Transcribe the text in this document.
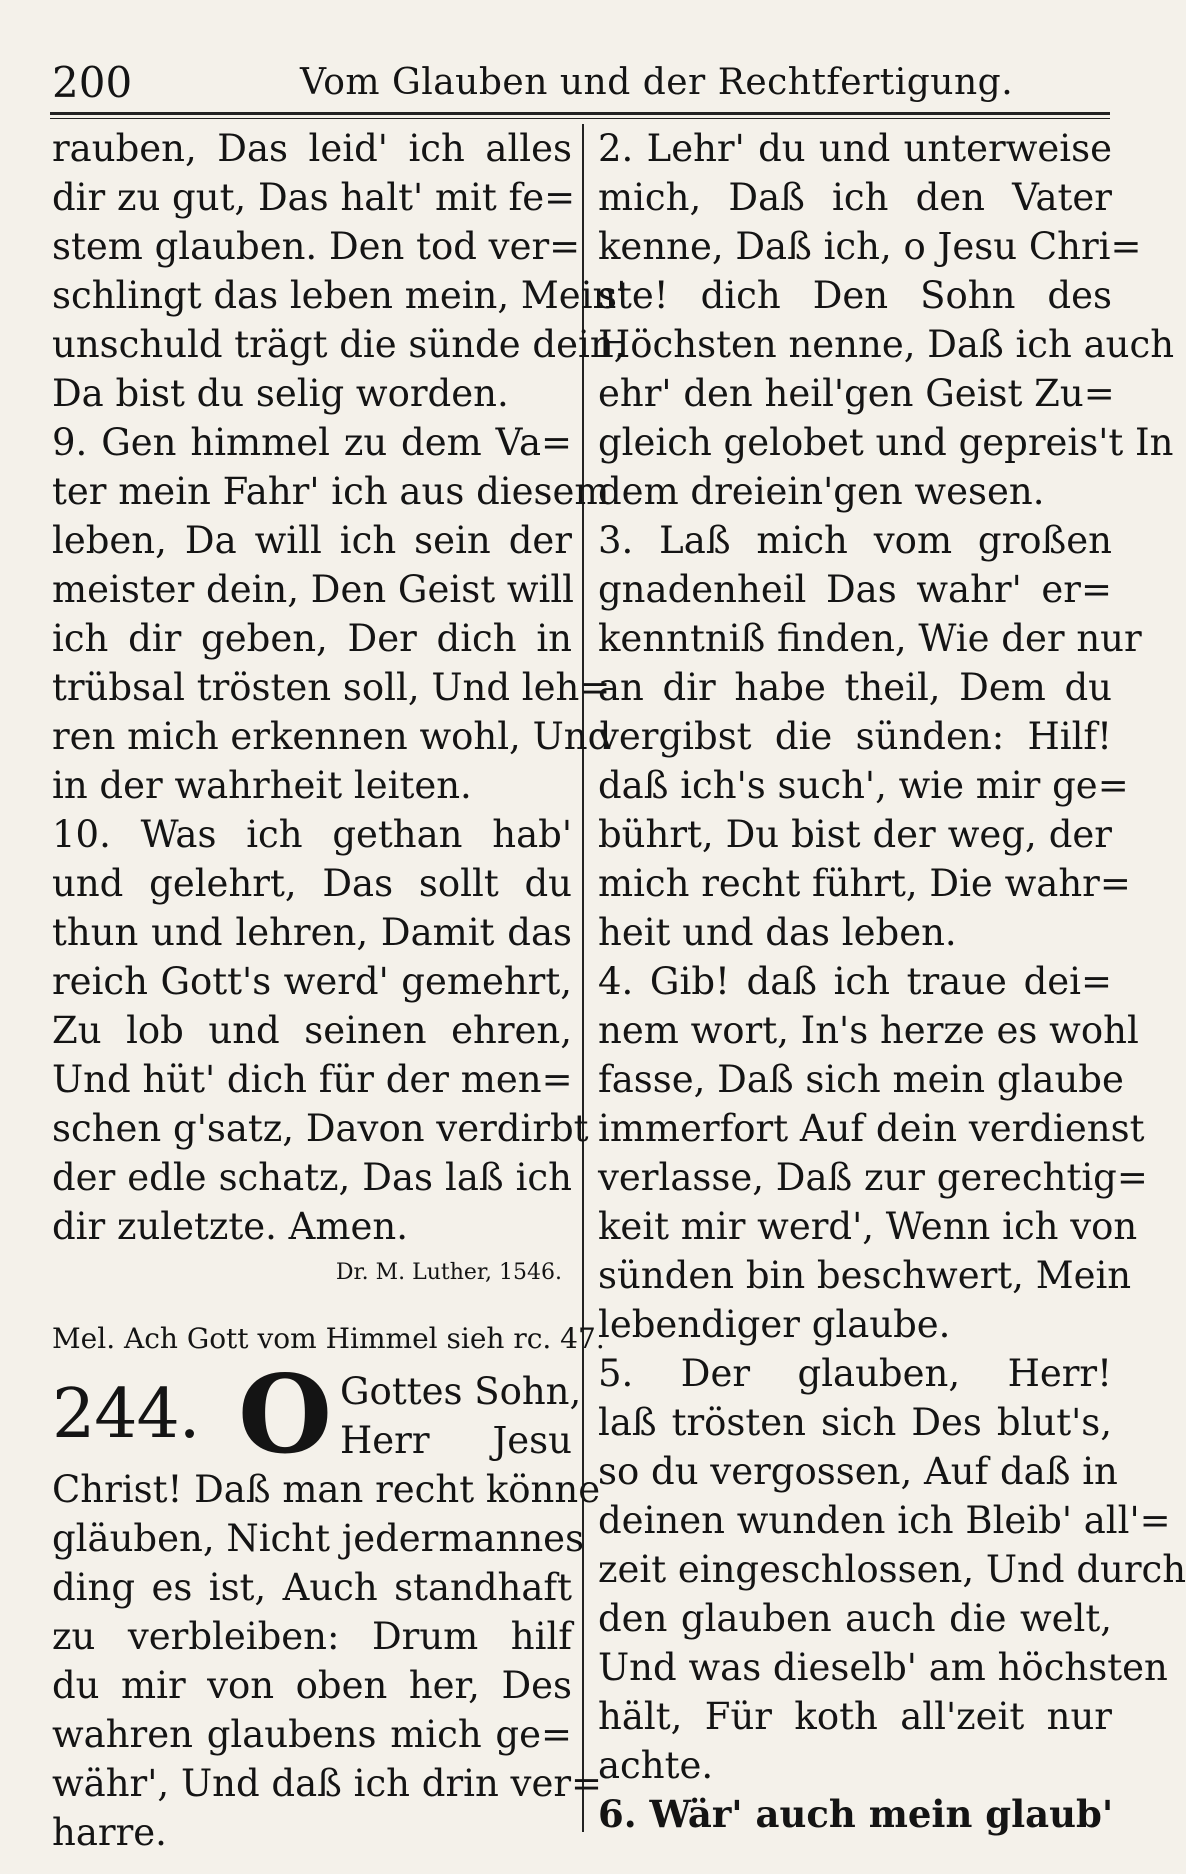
200	Vom Glauben und der Rechtfertigung.
rauben, Das leid' ich alles
dir zu gut, Das halt' mit fe=
stem glauben. Den tod ver=
schlingt das leben mein, Mein'
unschuld trägt die sünde dein,
Da bist du selig worden.
9. Gen himmel zu dem Va=
ter mein Fahr' ich aus diesem
leben, Da will ich sein der
meister dein, Den Geist will
ich dir geben, Der dich in
trübsal trösten soll, Und leh=
ren mich erkennen wohl, Und
in der wahrheit leiten.
10. Was ich gethan hab'
und gelehrt, Das sollt du
thun und lehren, Damit das
reich Gott's werd' gemehrt,
Zu lob und seinen ehren,
Und hüt' dich für der men=
schen g'satz, Davon verdirbt
der edle schatz, Das laß ich
dir zuletzte. Amen.
Dr. M. Luther, 1546.
Mel. Ach Gott vom Himmel sieh rc. 47.
244. O Gottes Sohn,
Herr Jesu
Christ! Daß man recht könne
gläuben, Nicht jedermannes
ding es ist, Auch standhaft
zu verbleiben: Drum hilf
du mir von oben her, Des
wahren glaubens mich ge=
währ', Und daß ich drin ver=
harre.
2. Lehr' du und unterweise
mich, Daß ich den Vater
kenne, Daß ich, o Jesu Chri=
ste! dich Den Sohn des
Höchsten nenne, Daß ich auch
ehr' den heil'gen Geist Zu=
gleich gelobet und gepreis't In
dem dreiein'gen wesen.
3. Laß mich vom großen
gnadenheil Das wahr' er=
kenntniß finden, Wie der nur
an dir habe theil, Dem du
vergibst die sünden: Hilf!
daß ich's such', wie mir ge=
bührt, Du bist der weg, der
mich recht führt, Die wahr=
heit und das leben.
4. Gib! daß ich traue dei=
nem wort, In's herze es wohl
fasse, Daß sich mein glaube
immerfort Auf dein verdienst
verlasse, Daß zur gerechtig=
keit mir werd', Wenn ich von
sünden bin beschwert, Mein
lebendiger glaube.
5. Der glauben, Herr!
laß trösten sich Des blut's,
so du vergossen, Auf daß in
deinen wunden ich Bleib' all'=
zeit eingeschlossen, Und durch
den glauben auch die welt,
Und was dieselb' am höchsten
hält, Für koth all'zeit nur
achte.
6. Wär' auch mein glaub'
